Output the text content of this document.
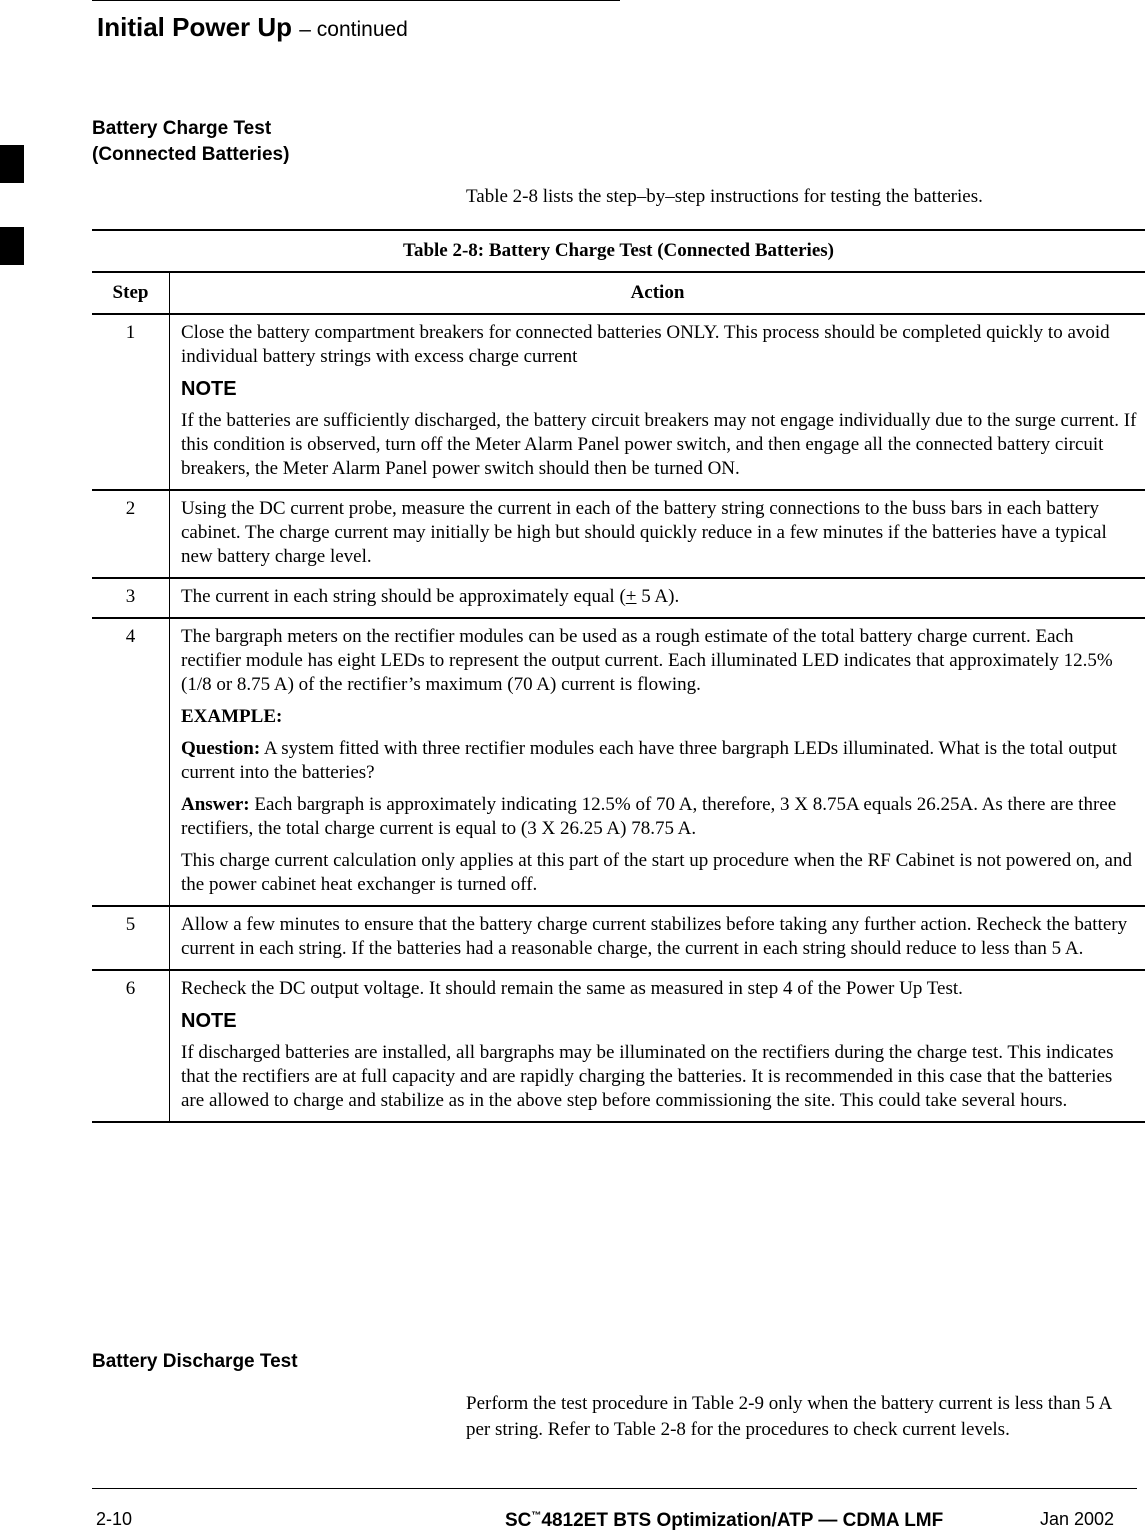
Initial Power Up – continued
2
Battery Charge Test
(Connected Batteries)
Table 2-8 lists the step–by–step instructions for testing the batteries.
Table 2-8: Battery Charge Test (Connected Batteries)	
Step	Action
1	Close the battery compartment breakers for connected batteries ONLY. This process should be completed quickly to avoid individual battery strings with excess charge current

NOTE

If the batteries are sufficiently discharged, the battery circuit breakers may not engage individually due to the surge current. If this condition is observed, turn off the Meter Alarm Panel power switch, and then engage all the connected battery circuit breakers, the Meter Alarm Panel power switch should then be turned ON.

2	Using the DC current probe, measure the current in each of the battery string connections to the buss bars in each battery cabinet. The charge current may initially be high but should quickly reduce in a few minutes if the batteries have a typical new battery charge level.

3	The current in each string should be approximately equal (+ 5 A).

4	The bargraph meters on the rectifier modules can be used as a rough estimate of the total battery charge current. Each rectifier module has eight LEDs to represent the output current. Each illuminated LED indicates that approximately 12.5% (1/8 or 8.75 A) of the rectifier’s maximum (70 A) current is flowing.

EXAMPLE:

Question: A system fitted with three rectifier modules each have three bargraph LEDs illuminated. What is the total output current into the batteries?

Answer: Each bargraph is approximately indicating 12.5% of 70 A, therefore, 3 X 8.75A equals 26.25A. As there are three rectifiers, the total charge current is equal to (3 X 26.25 A) 78.75 A.

This charge current calculation only applies at this part of the start up procedure when the RF Cabinet is not powered on, and the power cabinet heat exchanger is turned off.

5	Allow a few minutes to ensure that the battery charge current stabilizes before taking any further action. Recheck the battery current in each string. If the batteries had a reasonable charge, the current in each string should reduce to less than 5 A.

6	Recheck the DC output voltage. It should remain the same as measured in step 4 of the Power Up Test.

NOTE

If discharged batteries are installed, all bargraphs may be illuminated on the rectifiers during the charge test. This indicates that the rectifiers are at full capacity and are rapidly charging the batteries. It is recommended in this case that the batteries are allowed to charge and stabilize as in the above step before commissioning the site. This could take several hours.

Battery Discharge Test
Perform the test procedure in Table 2-9 only when the battery current is less than 5 A per string. Refer to Table 2-8 for the procedures to check current levels.
2-10	SC™4812ET BTS Optimization/ATP — CDMA LMF	Jan 2002
